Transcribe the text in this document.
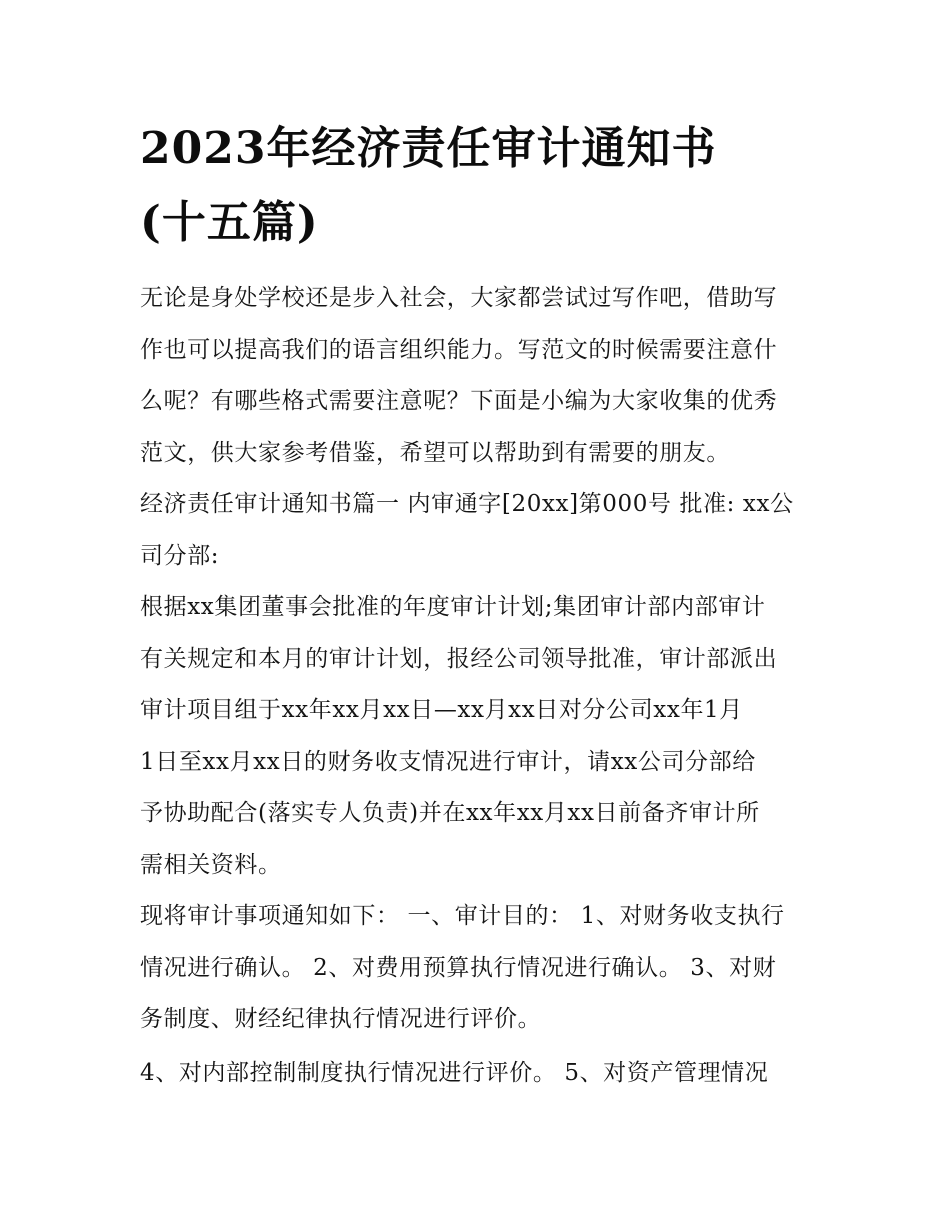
2023年经济责任审计通知书
(十五篇)

无论是身处学校还是步入社会，大家都尝试过写作吧，借助写
作也可以提高我们的语言组织能力。写范文的时候需要注意什
么呢？有哪些格式需要注意呢？下面是小编为大家收集的优秀
范文，供大家参考借鉴，希望可以帮助到有需要的朋友。

经济责任审计通知书篇一 内审通字[20xx]第000号 批准: xx公
司分部:

根据xx集团董事会批准的年度审计计划;集团审计部内部审计
有关规定和本月的审计计划，报经公司领导批准，审计部派出
审计项目组于xx年xx月xx日—xx月xx日对分公司xx年1月
1日至xx月xx日的财务收支情况进行审计，请xx公司分部给
予协助配合(落实专人负责)并在xx年xx月xx日前备齐审计所
需相关资料。

现将审计事项通知如下： 一、审计目的： 1、对财务收支执行
情况进行确认。 2、对费用预算执行情况进行确认。 3、对财
务制度、财经纪律执行情况进行评价。

4、对内部控制制度执行情况进行评价。 5、对资产管理情况
